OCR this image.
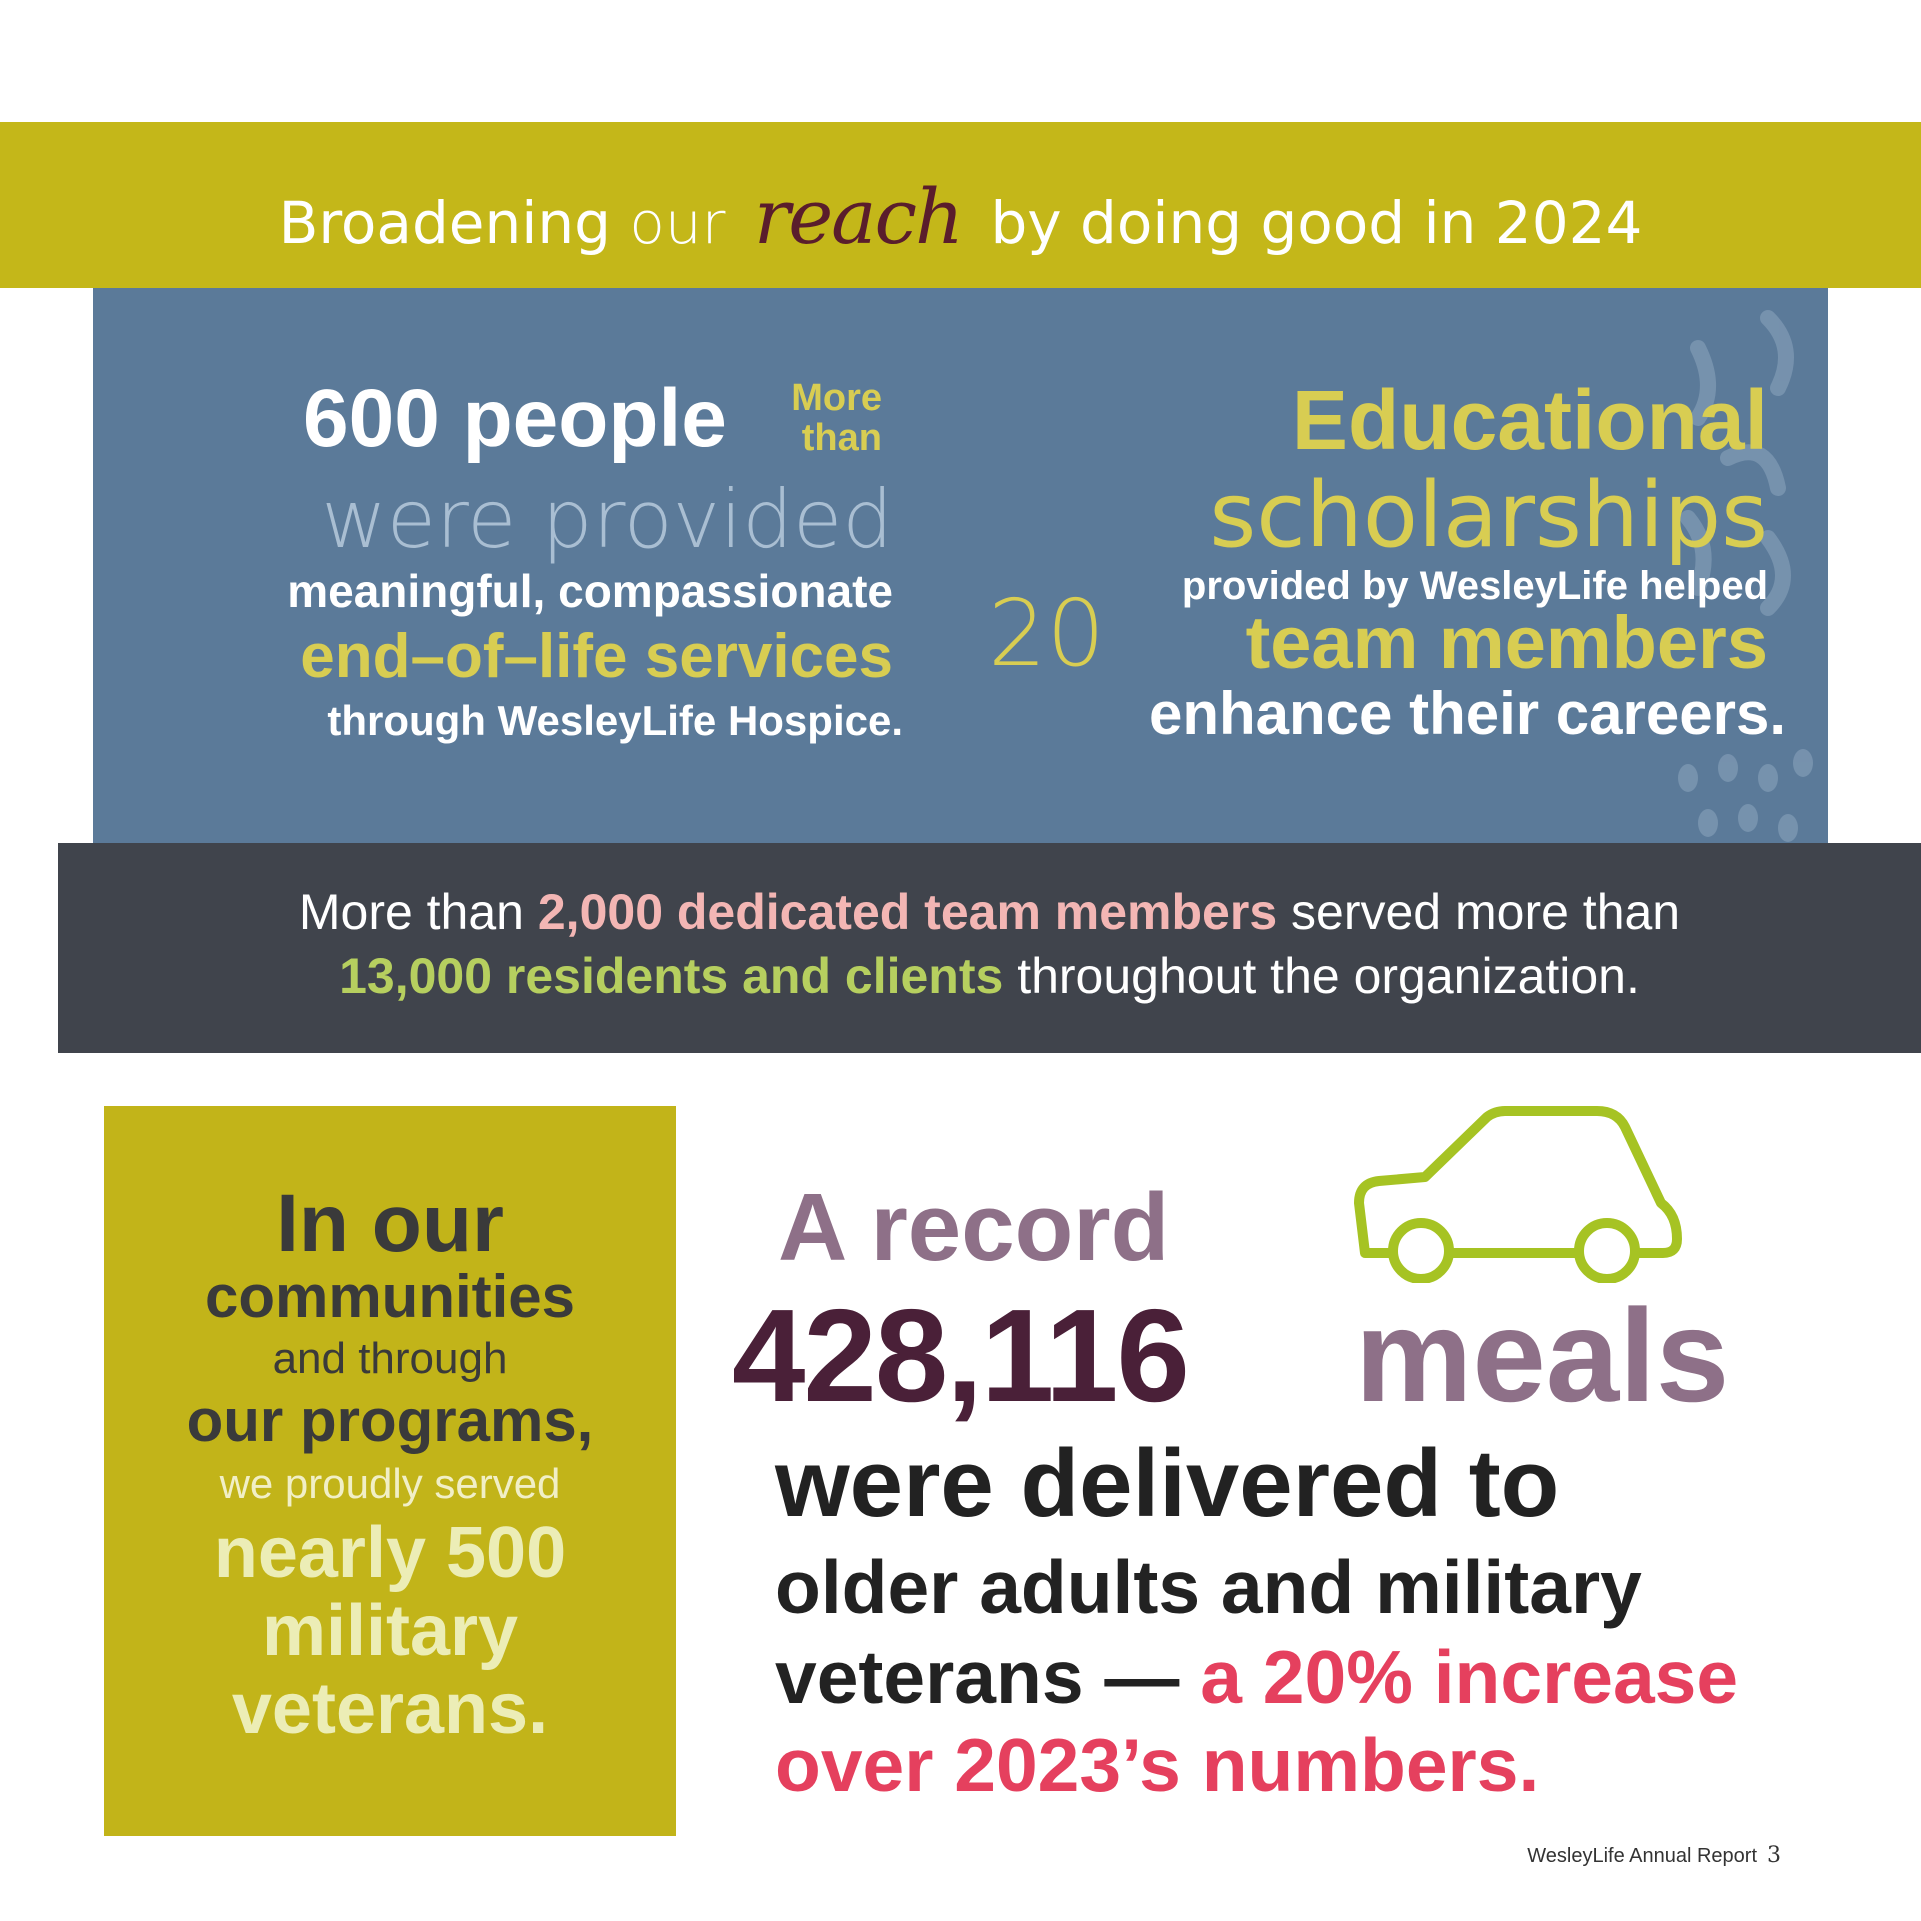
Broadening our reach by doing good in 2024
More
than
600 people
were provided
meaningful, compassionate
end–of–life services
through WesleyLife Hospice.
Educational
scholarships
provided by WesleyLife helped
20	team members
enhance their careers.
More than 2,000 dedicated team members served more than
13,000 residents and clients throughout the organization.
In our
communities
and through
our programs,
we proudly served
nearly 500
military
veterans.
A record
428,116 meals
were delivered to
older adults and military
veterans — a 20% increase
over 2023’s numbers.
WesleyLife Annual Report 3
